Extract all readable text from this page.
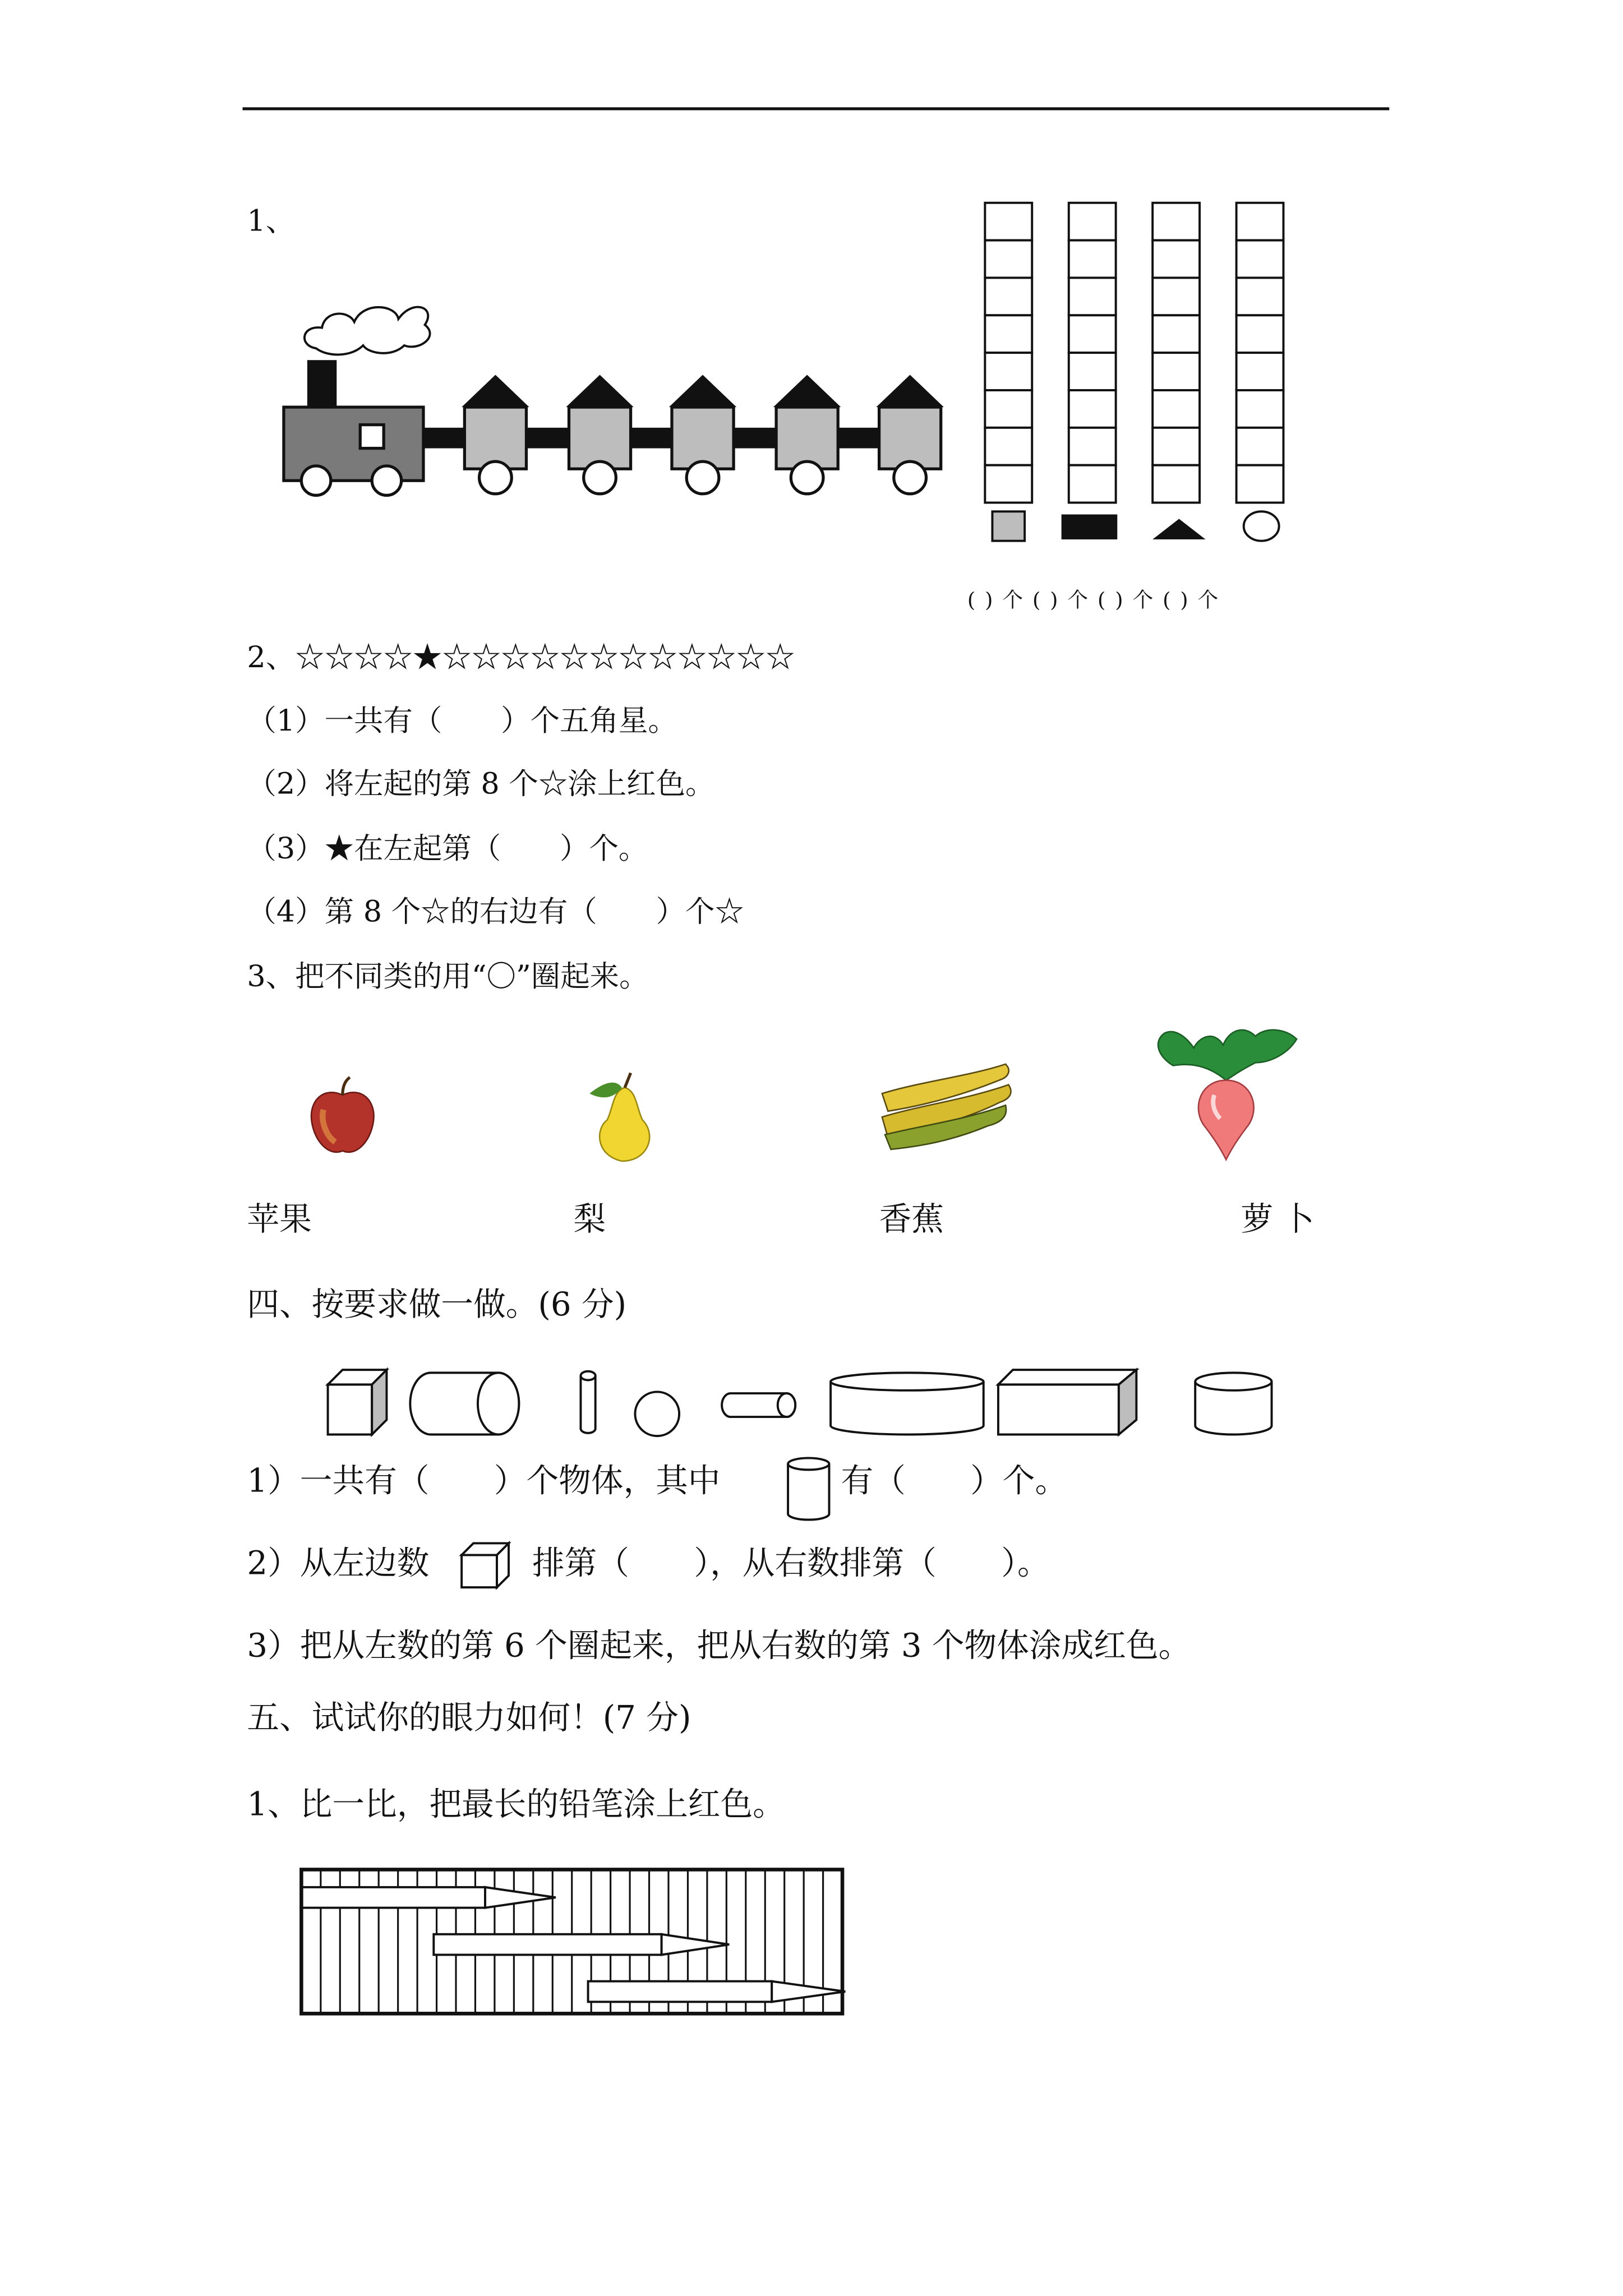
1、
( ) 个 ( ) 个 ( ) 个 ( ) 个
2、☆☆☆☆★☆☆☆☆☆☆☆☆☆☆☆☆
（1）一共有（　　）个五角星。
（2）将左起的第 8 个☆涂上红色。
（3）★在左起第（　　）个。
（4）第 8 个☆的右边有（　　）个☆
3、把不同类的用“〇”圈起来。
苹果	梨	香蕉	萝卜
四、按要求做一做。(6 分)
1）一共有（　　）个物体，其中	有（　　）个。
2）从左边数	排第（　　），从右数排第（　　）。
3）把从左数的第 6 个圈起来，把从右数的第 3 个物体涂成红色。
五、试试你的眼力如何！(7 分)
1、比一比，把最长的铅笔涂上红色。
